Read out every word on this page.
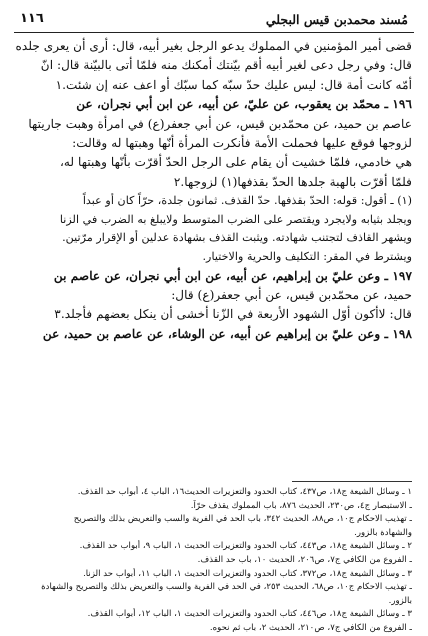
مُسند محمدبن قيس البجلي
١١٦
قضى أمير المؤمنين في المملوك يدعو الرجل بغير أبيه، قال: أرى أن يعرى جلده
قال: وفي رجل دعى لغير أبيه أقم بيّنتك أمكنك منه فلمّا أتى بالبيّنة قال: انّ
أمّه كانت أمة قال: ليس عليك حدّ سبّه كما سبّك أو اعف عنه إن شئت.١
١٩٦ ـ محمّد بن يعقوب، عن عليّ، عن أبيه، عن ابن أبي نجران، عن
عاصم بن حميد، عن محمّدبن قيس، عن أبي جعفر(ع) في امرأة وهبت جاريتها
لزوجها فوقع عليها فحملت الأمة فأنكرت المرأة أنّها وهبتها له وقالت:
هي خادمي، فلمّا خشيت أن يقام على الرجل الحدّ أقرّت بأنّها وهبتها له،
فلمّا أقرّت بالهبة جلدها الحدّ بقذفها(١) لزوجها.٢
(١) ـ أقول: قوله: الحدّ بقذفها. حدّ القذف. ثمانون جلدة، حرّاً كان أو عبداً
ويجلد بثيابه ولايجرد ويقتصر على الضرب المتوسط ولايبلغ به الضرب في الزنا
ويشهر القاذف لتجتنب شهادته. ويثبت القذف بشهادة عدلين أو الإقرار مرّتين.
ويشترط في المقر: التكليف والحرية والاختيار.
١٩٧ ـ وعن عليّ بن إبراهيم، عن أبيه، عن ابن أبي نجران، عن عاصم بن
حميد، عن محمّدبن قيس، عن أبي جعفر(ع) قال:
قال: لاأكون أوّل الشهود الأربعة في الزّنا أخشى أن ينكل بعضهم فأجلد.٣
١٩٨ ـ وعن عليّ بن إبراهيم عن أبيه، عن الوشاء، عن عاصم بن حميد، عن
١ ـ وسائل الشيعة ج١٨، ص٤٣٧، كتاب الحدود والتعزيرات الحديث١٦، الباب ٤، أبواب حد القذف.
ـ الاستبصار ج٤، ص٢٣٠، الحديث ٨٧٦، باب المملوك يقذف حرّاً.
ـ تهذيب الاحكام ج١٠، ص٨٨، الحديث ٣٤٢، باب الحد في الفرية والسب والتعريض بذلك والتصريح
والشهادة بالزور.
٢ ـ وسائل الشيعة ج١٨، ص٤٤٣، كتاب الحدود والتعزيرات الحديث ١، الباب ٩، أبواب حد القذف.
ـ الفروع من الكافي ج٧، ص٢٠٦، الحديث ١٠، باب حد القذف.
٣ ـ وسائل الشيعة ج١٨، ص٣٧٢، كتاب الحدود والتعزيرات الحديث ١، الباب ١١، أبواب حد الزنا.
ـ تهذيب الاحكام ج١٠، ص٦٨، الحديث ٢٥٣، في الحد في الفرية والسب والتعريض بذلك والتصريح والشهادة
بالزور.
٣ ـ وسائل الشيعة ج١٨، ص٤٤٦، كتاب الحدود والتعزيرات الحديث ١، الباب ١٢، أبواب القذف.
ـ الفروع من الكافي ج٧، ص٢١٠، الحديث ٢، باب ثم نحوه.
